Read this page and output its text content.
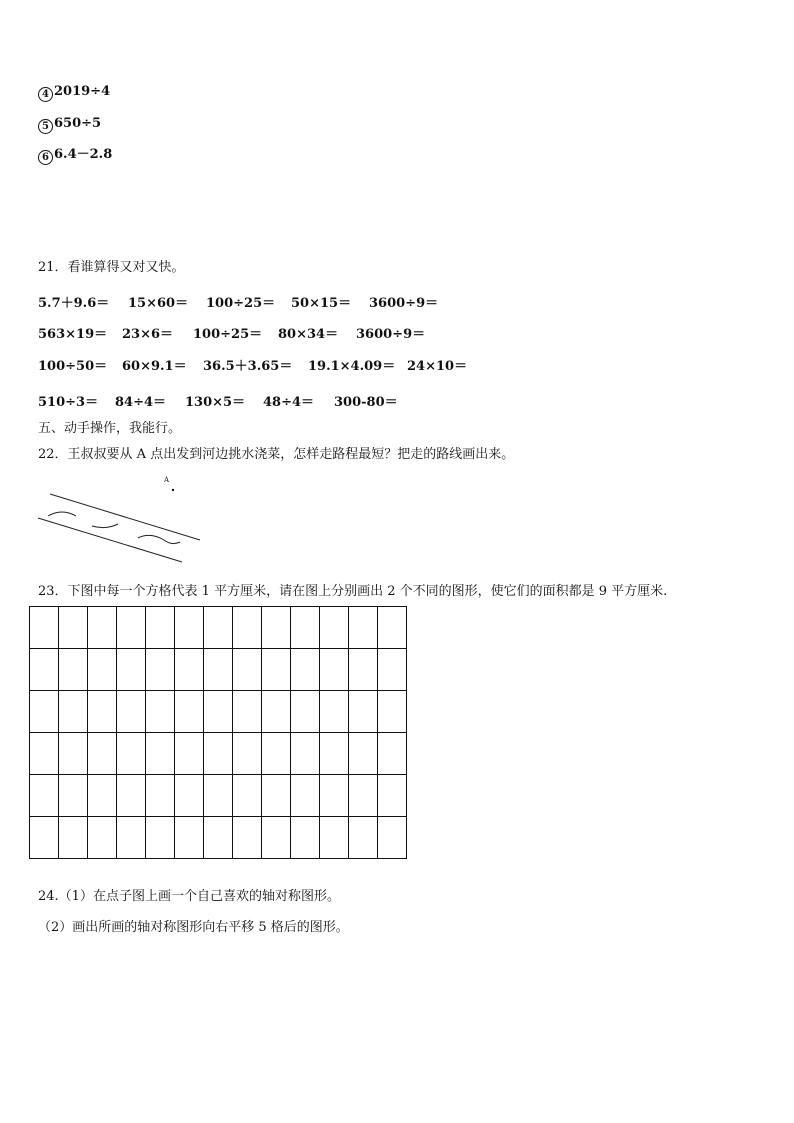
4 2019÷4
5 650÷5
6 6.4－2.8
21．看谁算得又对又快。
5.7＋9.6＝ 15×60＝ 100÷25＝ 50×15＝ 3600÷9＝
563×19＝ 23×6＝ 100÷25＝ 80×34＝ 3600÷9＝
100÷50＝ 60×9.1＝ 36.5＋3.65＝ 19.1×4.09＝ 24×10＝
510÷3＝ 84÷4＝ 130×5＝ 48÷4＝ 300-80＝
五、动手操作，我能行。
22．王叔叔要从 A 点出发到河边挑水浇菜，怎样走路程最短？把走的路线画出来。
A
23．下图中每一个方格代表 1 平方厘米，请在图上分别画出 2 个不同的图形，使它们的面积都是 9 平方厘米.

24.（1）在点子图上画一个自己喜欢的轴对称图形。
（2）画出所画的轴对称图形向右平移 5 格后的图形。
